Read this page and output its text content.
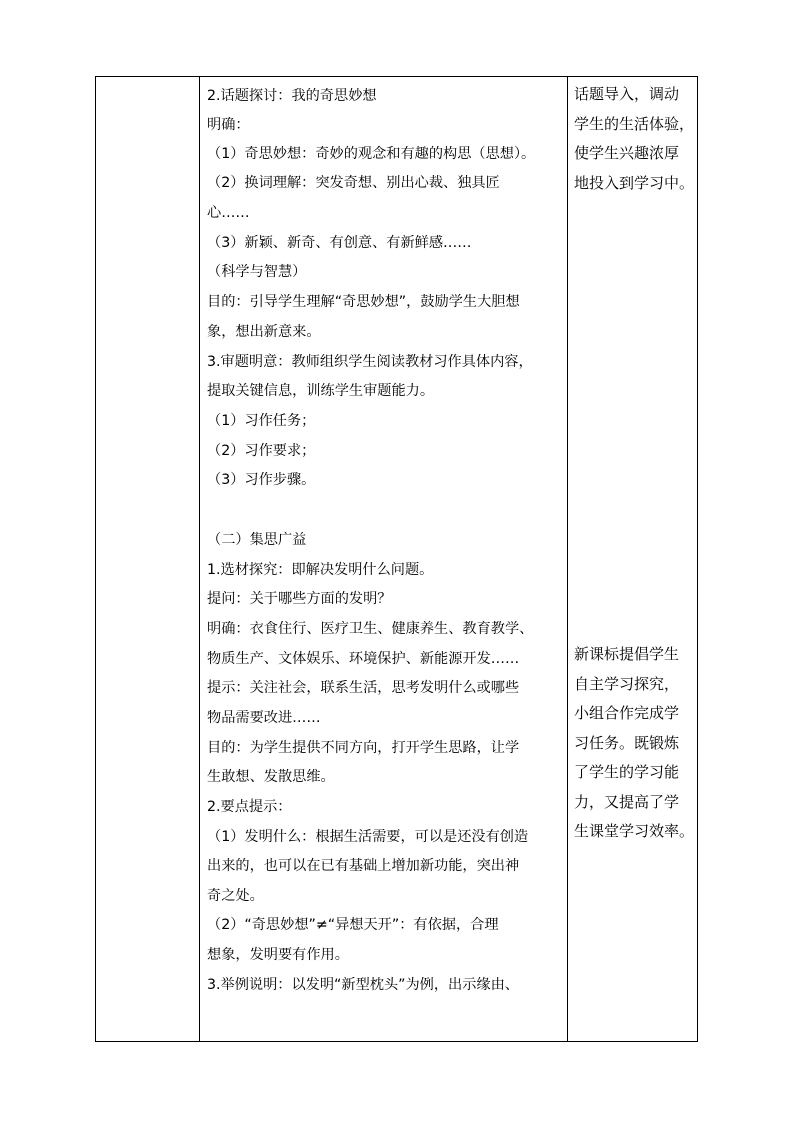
2.话题探讨：我的奇思妙想
明确：
（1）奇思妙想：奇妙的观念和有趣的构思（思想）。
（2）换词理解：突发奇想、别出心裁、独具匠
心……
（3）新颖、新奇、有创意、有新鲜感……
（科学与智慧）
目的：引导学生理解“奇思妙想”，鼓励学生大胆想
象，想出新意来。
3.审题明意：教师组织学生阅读教材习作具体内容，
提取关键信息，训练学生审题能力。
（1）习作任务；
（2）习作要求；
（3）习作步骤。
（二）集思广益
1.选材探究：即解决发明什么问题。
提问：关于哪些方面的发明？
明确：衣食住行、医疗卫生、健康养生、教育教学、
物质生产、文体娱乐、环境保护、新能源开发……
提示：关注社会，联系生活，思考发明什么或哪些
物品需要改进……
目的：为学生提供不同方向，打开学生思路，让学
生敢想、发散思维。
2.要点提示：
（1）发明什么：根据生活需要，可以是还没有创造
出来的，也可以在已有基础上增加新功能，突出神
奇之处。
（2）“奇思妙想”≠“异想天开”：有依据，合理
想象，发明要有作用。
3.举例说明：以发明“新型枕头”为例，出示缘由、
话题导入，调动
学生的生活体验，
使学生兴趣浓厚
地投入到学习中。
新课标提倡学生
自主学习探究，
小组合作完成学
习任务。既锻炼
了学生的学习能
力，又提高了学
生课堂学习效率。
